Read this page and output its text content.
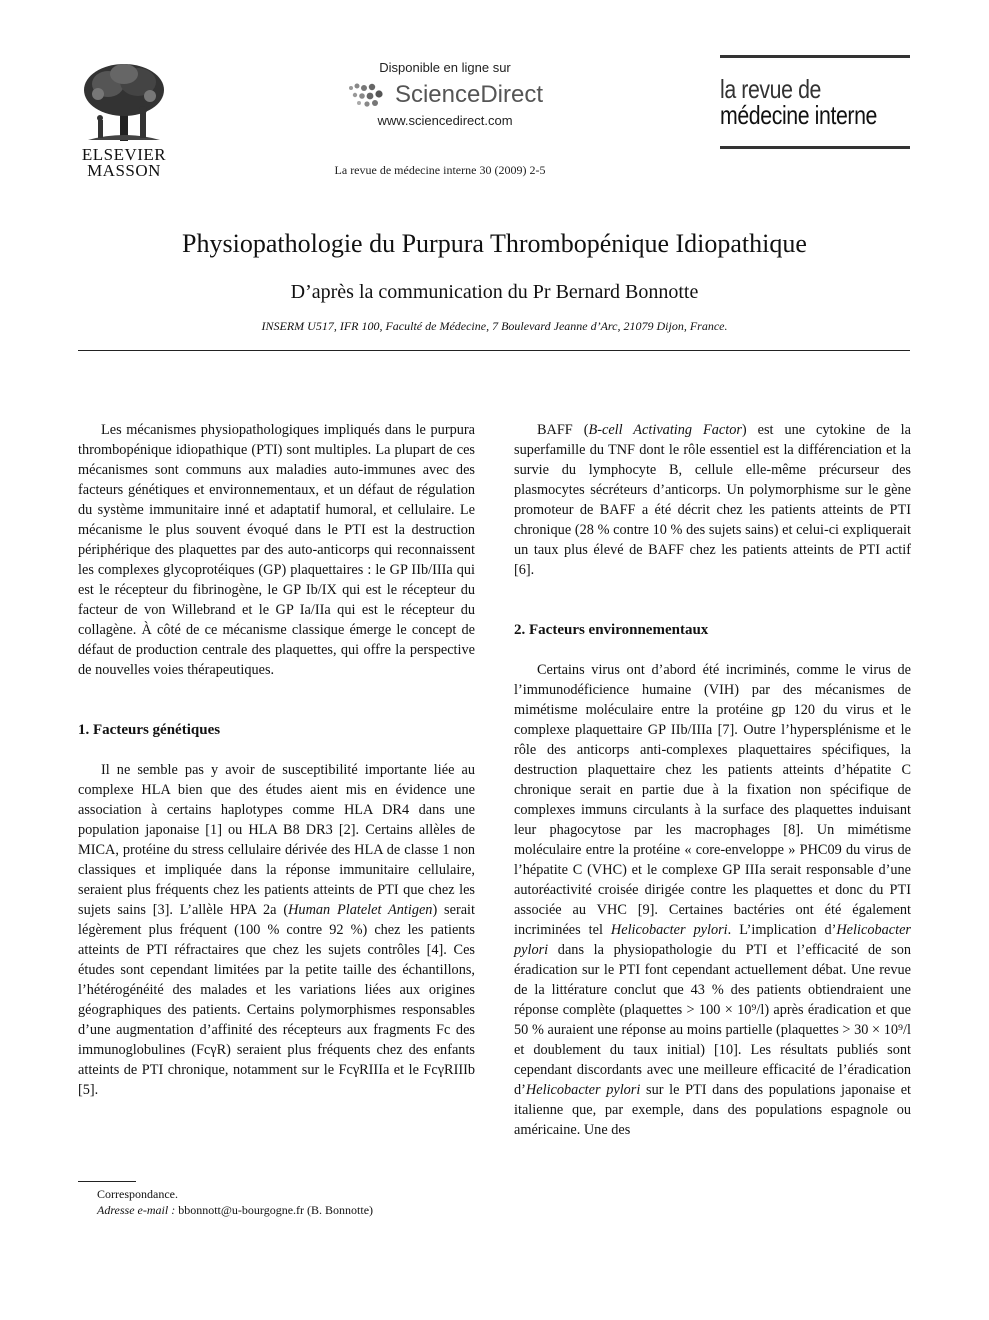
ELSEVIER
MASSON
Disponible en ligne sur
ScienceDirect
www.sciencedirect.com
La revue de médecine interne 30 (2009) 2-5
la revue de
médecine interne
Physiopathologie du Purpura Thrombopénique Idiopathique
D’après la communication du Pr Bernard Bonnotte
INSERM U517, IFR 100, Faculté de Médecine, 7 Boulevard Jeanne d’Arc, 21079 Dijon, France.

Les mécanismes physiopathologiques impliqués dans le purpura thrombopénique idiopathique (PTI) sont multiples. La plupart de ces mécanismes sont communs aux maladies auto-immunes avec des facteurs génétiques et environnementaux, et un défaut de régulation du système immunitaire inné et adaptatif humoral, et cellulaire. Le mécanisme le plus souvent évoqué dans le PTI est la destruction périphérique des plaquettes par des auto-anticorps qui reconnaissent les complexes glycoprotéiques (GP) plaquettaires : le GP IIb/IIIa qui est le récepteur du fibrinogène, le GP Ib/IX qui est le récepteur du facteur de von Willebrand et le GP Ia/IIa qui est le récepteur du collagène. À côté de ce mécanisme classique émerge le concept de défaut de production centrale des plaquettes, qui offre la perspective de nouvelles voies thérapeutiques.

1. Facteurs génétiques

Il ne semble pas y avoir de susceptibilité importante liée au complexe HLA bien que des études aient mis en évidence une association à certains haplotypes comme HLA DR4 dans une population japonaise [1] ou HLA B8 DR3 [2]. Certains allèles de MICA, protéine du stress cellulaire dérivée des HLA de classe 1 non classiques et impliquée dans la réponse immunitaire cellulaire, seraient plus fréquents chez les patients atteints de PTI que chez les sujets sains [3]. L’allèle HPA 2a (Human Platelet Antigen) serait légèrement plus fréquent (100 % contre 92 %) chez les patients atteints de PTI réfractaires que chez les sujets contrôles [4]. Ces études sont cependant limitées par la petite taille des échantillons, l’hétérogénéité des malades et les variations liées aux origines géographiques des patients. Certains polymorphismes responsables d’une augmentation d’affinité des récepteurs aux fragments Fc des immunoglobulines (FcγR) seraient plus fréquents chez des enfants atteints de PTI chronique, notamment sur le FcγRIIIa et le FcγRIIIb [5].

BAFF (B-cell Activating Factor) est une cytokine de la superfamille du TNF dont le rôle essentiel est la différenciation et la survie du lymphocyte B, cellule elle-même précurseur des plasmocytes sécréteurs d’anticorps. Un polymorphisme sur le gène promoteur de BAFF a été décrit chez les patients atteints de PTI chronique (28 % contre 10 % des sujets sains) et celui-ci expliquerait un taux plus élevé de BAFF chez les patients atteints de PTI actif [6].

2. Facteurs environnementaux

Certains virus ont d’abord été incriminés, comme le virus de l’immunodéficience humaine (VIH) par des mécanismes de mimétisme moléculaire entre la protéine gp 120 du virus et le complexe plaquettaire GP IIb/IIIa [7]. Outre l’hypersplénisme et le rôle des anticorps anti-complexes plaquettaires spécifiques, la destruction plaquettaire chez les patients atteints d’hépatite C chronique serait en partie due à la fixation non spécifique de complexes immuns circulants à la surface des plaquettes induisant leur phagocytose par les macrophages [8]. Un mimétisme moléculaire entre la protéine « core-enveloppe » PHC09 du virus de l’hépatite C (VHC) et le complexe GP IIIa serait responsable d’une autoréactivité croisée dirigée contre les plaquettes et donc du PTI associée au VHC [9]. Certaines bactéries ont été également incriminées tel Helicobacter pylori. L’implication d’Helicobacter pylori dans la physiopathologie du PTI et l’efficacité de son éradication sur le PTI font cependant actuellement débat. Une revue de la littérature conclut que 43 % des patients obtiendraient une réponse complète (plaquettes > 100 × 10⁹/l) après éradication et que 50 % auraient une réponse au moins partielle (plaquettes > 30 × 10⁹/l et doublement du taux initial) [10]. Les résultats publiés sont cependant discordants avec une meilleure efficacité de l’éradication d’Helicobacter pylori sur le PTI dans des populations japonaise et italienne que, par exemple, dans des populations espagnole ou américaine. Une des

Correspondance.
Adresse e-mail : bbonnott@u-bourgogne.fr (B. Bonnotte)
